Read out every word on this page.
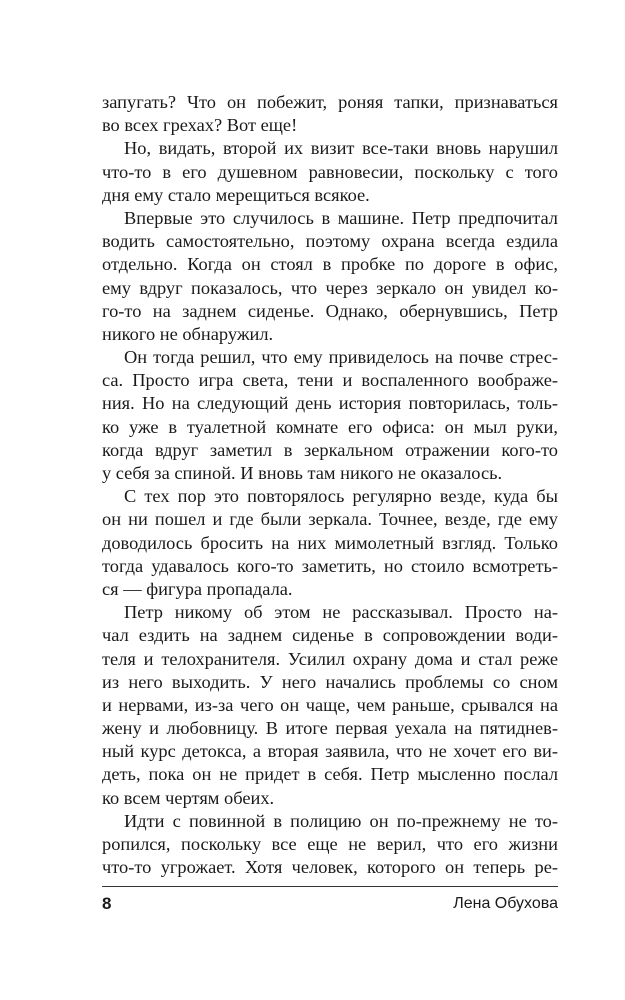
запугать? Что он побежит, роняя тапки, признаваться
во всех грехах? Вот еще!
Но, видать, второй их визит все-таки вновь нарушил
что-то в его душевном равновесии, поскольку с того
дня ему стало мерещиться всякое.
Впервые это случилось в машине. Петр предпочитал
водить самостоятельно, поэтому охрана всегда ездила
отдельно. Когда он стоял в пробке по дороге в офис,
ему вдруг показалось, что через зеркало он увидел ко-
го-то на заднем сиденье. Однако, обернувшись, Петр
никого не обнаружил.
Он тогда решил, что ему привиделось на почве стрес-
са. Просто игра света, тени и воспаленного воображе-
ния. Но на следующий день история повторилась, толь-
ко уже в туалетной комнате его офиса: он мыл руки,
когда вдруг заметил в зеркальном отражении кого-то
у себя за спиной. И вновь там никого не оказалось.
С тех пор это повторялось регулярно везде, куда бы
он ни пошел и где были зеркала. Точнее, везде, где ему
доводилось бросить на них мимолетный взгляд. Только
тогда удавалось кого-то заметить, но стоило всмотреть-
ся — фигура пропадала.
Петр никому об этом не рассказывал. Просто на-
чал ездить на заднем сиденье в сопровождении води-
теля и телохранителя. Усилил охрану дома и стал реже
из него выходить. У него начались проблемы со сном
и нервами, из-за чего он чаще, чем раньше, срывался на
жену и любовницу. В итоге первая уехала на пятиднев-
ный курс детокса, а вторая заявила, что не хочет его ви-
деть, пока он не придет в себя. Петр мысленно послал
ко всем чертям обеих.
Идти с повинной в полицию он по-прежнему не то-
ропился, поскольку все еще не верил, что его жизни
что-то угрожает. Хотя человек, которого он теперь ре-
8	Лена Обухова
